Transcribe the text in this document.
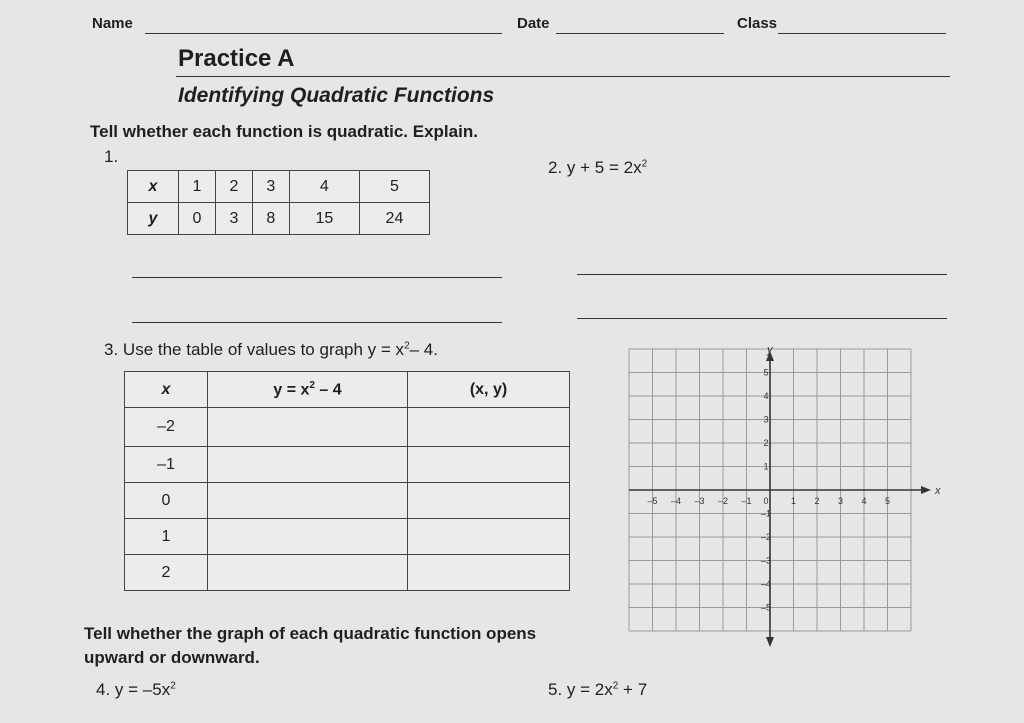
Name	Date	Class
Practice A
Identifying Quadratic Functions
Tell whether each function is quadratic. Explain.
1.
x	1	2	3	4	5
y	0	3	8	15	24
2. $y + 5 = 2x^2$
3. Use the table of values to graph $y = x^2-$ 4.
x	$y = x^2 - 4$	(x, y)
–2		
–1		
0		
1		
2		
x
y
–5 –4 –3 –2 –1	1 2 3 4 5
5
4
3
2
1
–1
–2
–3
–4
–5
0
Tell whether the graph of each quadratic function opens
upward or downward.
4. $y = -5x^2$	5. $y = 2x^2 + 7$
